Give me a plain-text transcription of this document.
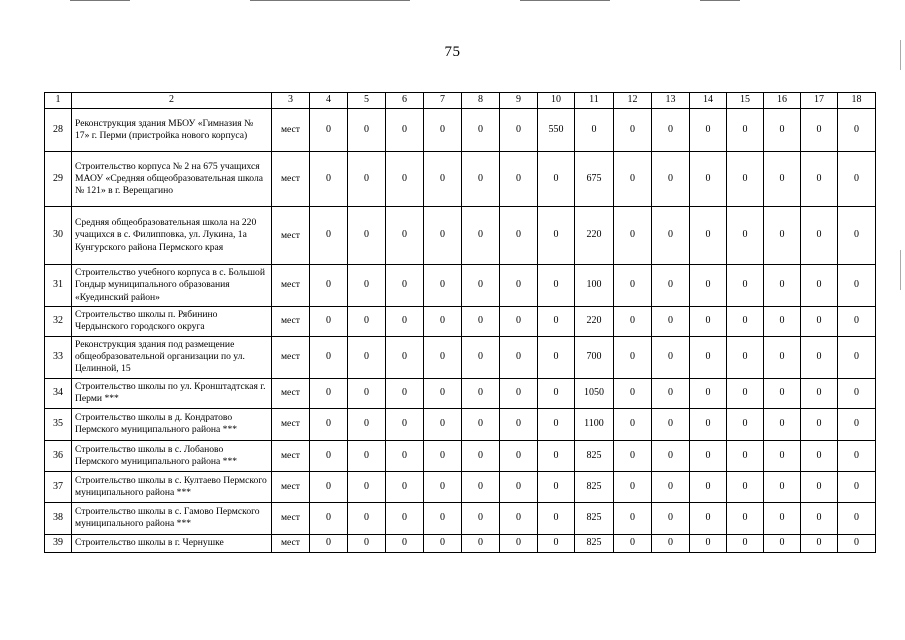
75
1	2	3	4	5	6	7	8	9	10	11	12	13	14	15	16	17	18
28	Реконструкция здания МБОУ «Гимназия № 17» г. Перми (пристройка нового корпуса)	мест	0	0	0	0	0	0	550	0	0	0	0	0	0	0	0
29	Строительство корпуса № 2 на 675 учащихся МАОУ «Средняя общеобразовательная школа № 121» в г. Верещагино	мест	0	0	0	0	0	0	0	675	0	0	0	0	0	0	0
30	Средняя общеобразовательная школа на 220 учащихся в с. Филипповка, ул. Лукина, 1а Кунгурского района Пермского края	мест	0	0	0	0	0	0	0	220	0	0	0	0	0	0	0
31	Строительство учебного корпуса в с. Большой Гондыр муниципального образования «Куединский район»	мест	0	0	0	0	0	0	0	100	0	0	0	0	0	0	0
32	Строительство школы п. Рябинино Чердынского городского округа	мест	0	0	0	0	0	0	0	220	0	0	0	0	0	0	0
33	Реконструкция здания под размещение общеобразовательной организации по ул. Целинной, 15	мест	0	0	0	0	0	0	0	700	0	0	0	0	0	0	0
34	Строительство школы по ул. Кронштадтская г. Перми ***	мест	0	0	0	0	0	0	0	1050	0	0	0	0	0	0	0
35	Строительство школы в д. Кондратово Пермского муниципального района ***	мест	0	0	0	0	0	0	0	1100	0	0	0	0	0	0	0
36	Строительство школы в с. Лобаново Пермского муниципального района ***	мест	0	0	0	0	0	0	0	825	0	0	0	0	0	0	0
37	Строительство школы в с. Култаево Пермского муниципального района ***	мест	0	0	0	0	0	0	0	825	0	0	0	0	0	0	0
38	Строительство школы в с. Гамово Пермского муниципального района ***	мест	0	0	0	0	0	0	0	825	0	0	0	0	0	0	0
39	Строительство школы в г. Чернушке	мест	0	0	0	0	0	0	0	825	0	0	0	0	0	0	0
